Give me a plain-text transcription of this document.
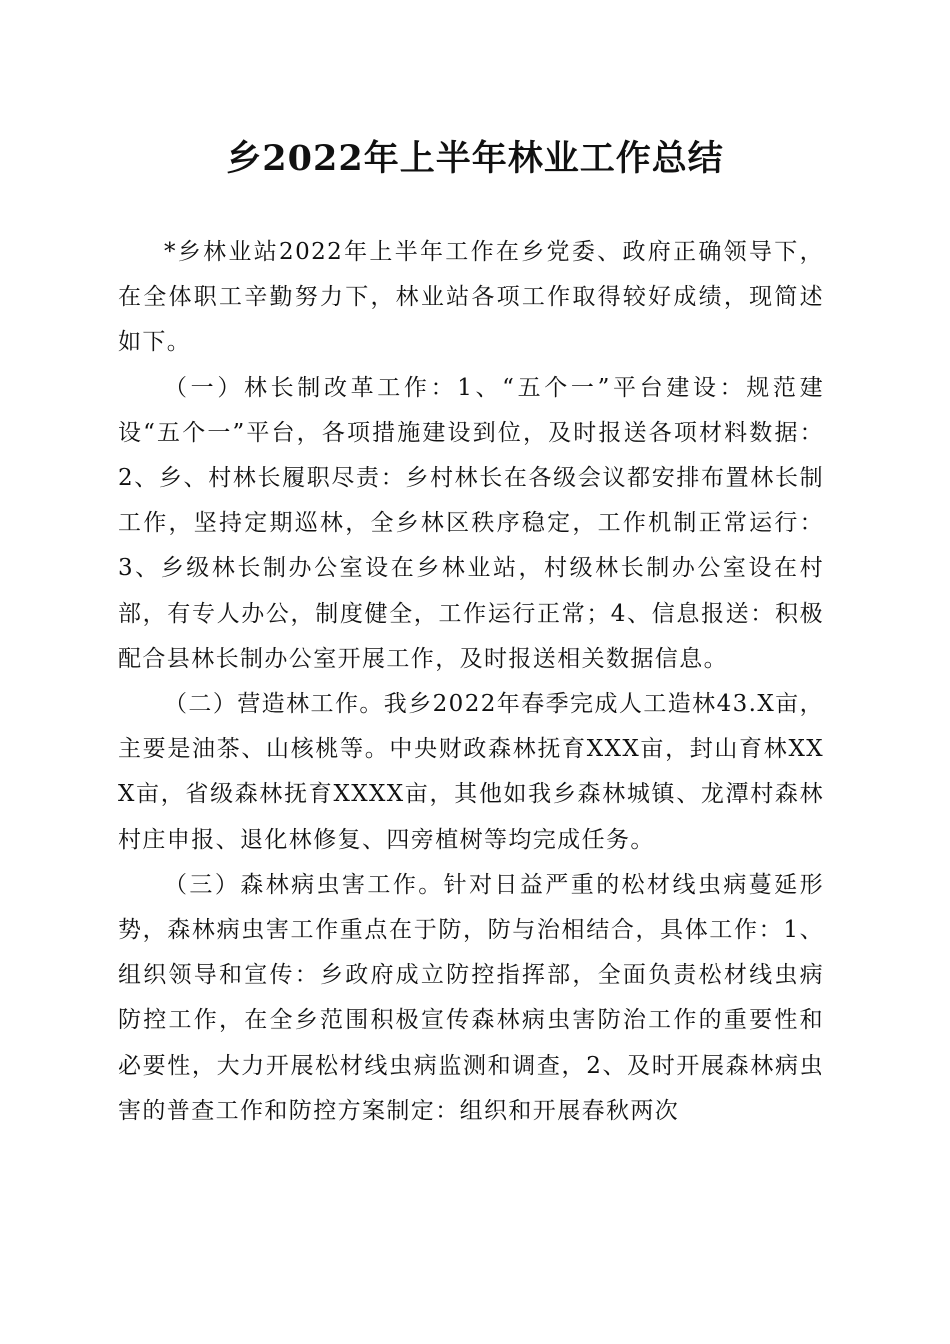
乡2022年上半年林业工作总结

*乡林业站2022年上半年工作在乡党委、政府正确领导下，在全体职工辛勤努力下，林业站各项工作取得较好成绩，现简述如下。

（一）林长制改革工作：1、“五个一”平台建设：规范建设“五个一”平台，各项措施建设到位，及时报送各项材料数据：2、乡、村林长履职尽责：乡村林长在各级会议都安排布置林长制工作，坚持定期巡林，全乡林区秩序稳定，工作机制正常运行：3、乡级林长制办公室设在乡林业站，村级林长制办公室设在村部，有专人办公，制度健全，工作运行正常；4、信息报送：积极配合县林长制办公室开展工作，及时报送相关数据信息。

（二）营造林工作。我乡2022年春季完成人工造林43.X亩，主要是油茶、山核桃等。中央财政森林抚育XXX亩，封山育林XXX亩，省级森林抚育XXXX亩，其他如我乡森林城镇、龙潭村森林村庄申报、退化林修复、四旁植树等均完成任务。

（三）森林病虫害工作。针对日益严重的松材线虫病蔓延形势，森林病虫害工作重点在于防，防与治相结合，具体工作：1、组织领导和宣传：乡政府成立防控指挥部，全面负责松材线虫病防控工作，在全乡范围积极宣传森林病虫害防治工作的重要性和必要性，大力开展松材线虫病监测和调查，2、及时开展森林病虫害的普查工作和防控方案制定：组织和开展春秋两次
